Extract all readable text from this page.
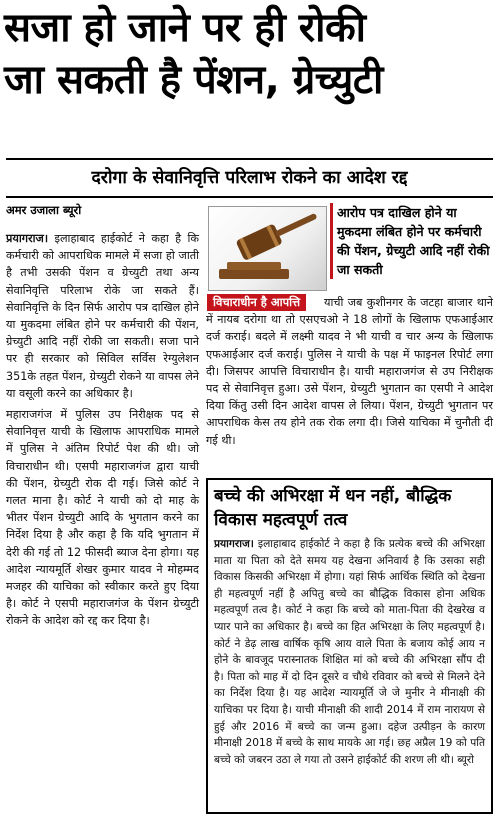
सजा हो जाने पर ही रोकी
जा सकती है पेंशन, ग्रेच्युटी
दरोगा के सेवानिवृत्ति परिलाभ रोकने का आदेश रद्द
अमर उजाला ब्यूरो

प्रयागराज। इलाहाबाद हाईकोर्ट ने कहा है कि कर्मचारी को आपराधिक मामले में सजा हो जाती है तभी उसकी पेंशन व ग्रेच्युटी तथा अन्य सेवानिवृत्ति परिलाभ रोके जा सकते हैं। सेवानिवृत्ति के दिन सिर्फ आरोप पत्र दाखिल होने या मुकदमा लंबित होने पर कर्मचारी की पेंशन, ग्रेच्युटी आदि नहीं रोकी जा सकती। सजा पाने पर ही सरकार को सिविल सर्विस रेग्युलेशन 351के तहत पेंशन, ग्रेच्युटी रोकने या वापस लेने या वसूली करने का अधिकार है।

महाराजगंज में पुलिस उप निरीक्षक पद से सेवानिवृत्त याची के खिलाफ आपराधिक मामले में पुलिस ने अंतिम रिपोर्ट पेश की थी। जो विचाराधीन थी। एसपी महाराजगंज द्वारा याची की पेंशन, ग्रेच्युटी रोक दी गई। जिसे कोर्ट ने गलत माना है। कोर्ट ने याची को दो माह के भीतर पेंशन ग्रेच्युटी आदि के भुगतान करने का निर्देश दिया है और कहा है कि यदि भुगतान में देरी की गई तो 12 फीसदी ब्याज देना होगा। यह आदेश न्यायमूर्ति शेखर कुमार यादव ने मोहम्मद मजहर की याचिका को स्वीकार करते हुए दिया है। कोर्ट ने एसपी महाराजगंज के पेंशन ग्रेच्युटी रोकने के आदेश को रद्द कर दिया है।

आरोप पत्र दाखिल होने या मुकदमा लंबित होने पर कर्मचारी की पेंशन, ग्रेच्युटी आदि नहीं रोकी जा सकती
विचाराधीन है आपत्ति	याची जब कुशीनगर के जटहा बाजार थाने में नायब दरोगा था तो एसएचओ ने 18 लोगों के खिलाफ एफआईआर दर्ज कराई। बदले में लक्ष्मी यादव ने भी याची व चार अन्य के खिलाफ एफआईआर दर्ज कराई। पुलिस ने याची के पक्ष में फाइनल रिपोर्ट लगा दी। जिसपर आपत्ति विचाराधीन है। याची महाराजगंज से उप निरीक्षक पद से सेवानिवृत्त हुआ। उसे पेंशन, ग्रेच्युटी भुगतान का एसपी ने आदेश दिया किंतु उसी दिन आदेश वापस ले लिया। पेंशन, ग्रेच्युटी भुगतान पर आपराधिक केस तय होने तक रोक लगा दी। जिसे याचिका में चुनौती दी गई थी।

बच्चे की अभिरक्षा में धन नहीं, बौद्धिक विकास महत्वपूर्ण तत्व
प्रयागराज। इलाहाबाद हाईकोर्ट ने कहा है कि प्रत्येक बच्चे की अभिरक्षा माता या पिता को देते समय यह देखना अनिवार्य है कि उसका सही विकास किसकी अभिरक्षा में होगा। यहां सिर्फ आर्थिक स्थिति को देखना ही महत्वपूर्ण नहीं है अपितु बच्चे का बौद्धिक विकास होना अधिक महत्वपूर्ण तत्व है। कोर्ट ने कहा कि बच्चे को माता-पिता की देखरेख व प्यार पाने का अधिकार है। बच्चे का हित अभिरक्षा के लिए महत्वपूर्ण है। कोर्ट ने डेढ़ लाख वार्षिक कृषि आय वाले पिता के बजाय कोई आय न होने के बावजूद परास्नातक शिक्षित मां को बच्चे की अभिरक्षा सौंप दी है। पिता को माह में दो दिन दूसरे व चौथे रविवार को बच्चे से मिलने देने का निर्देश दिया है। यह आदेश न्यायमूर्ति जे जे मुनीर ने मीनाक्षी की याचिका पर दिया है। याची मीनाक्षी की शादी 2014 में राम नारायण से हुई और 2016 में बच्चे का जन्म हुआ। दहेज उत्पीड़न के कारण मीनाक्षी 2018 में बच्चे के साथ मायके आ गई। छह अप्रैल 19 को पति बच्चे को जबरन उठा ले गया तो उसने हाईकोर्ट की शरण ली थी। ब्यूरो
